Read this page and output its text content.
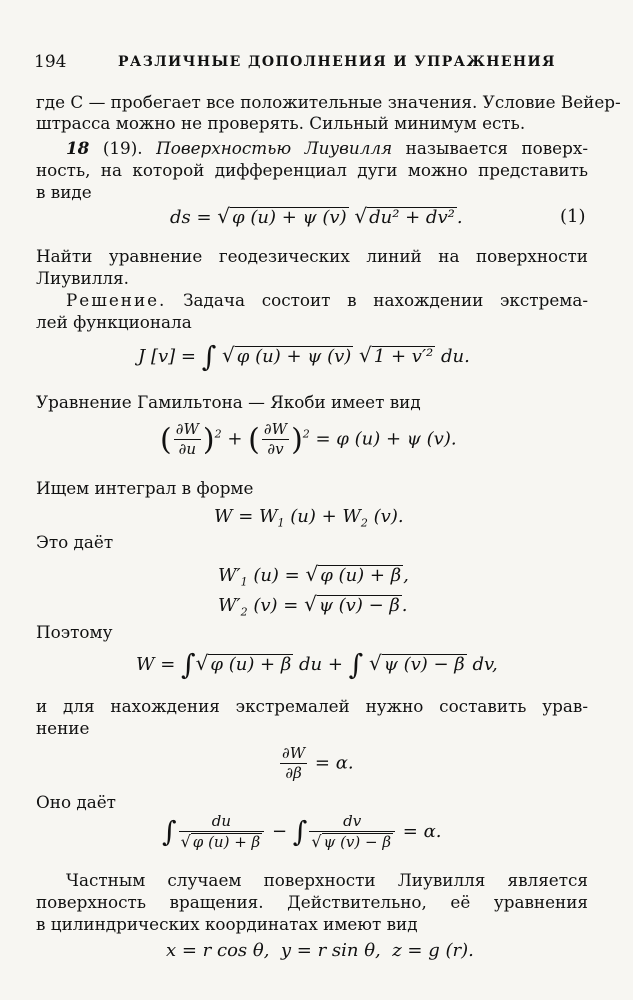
194	РАЗЛИЧНЫЕ ДОПОЛНЕНИЯ И УПРАЖНЕНИЯ
где C — пробегает все положительные значения. Условие Вейер-
штрасса можно не проверять. Сильный минимум есть.
18 (19). Поверхностью Лиувилля называется поверх-
ность, на которой дифференциал дуги можно представить
в виде
ds = √ φ (u) + ψ (v) √ du² + dv² .	(1)
Найти уравнение геодезических линий на поверхности
Лиувилля.
Решение. Задача состоит в нахождении экстрема-
лей функционала
J [v] = ∫ √ φ (u) + ψ (v) √ 1 + v′² du.
Уравнение Гамильтона — Якоби имеет вид
( $\frac{\partial W}{\partial u} )^2$ + ( $\frac{\partial W}{\partial v} )^2 = \varphi$ (u) + ψ (v).
Ищем интеграл в форме
$W = W_1$ $(u) + W_2$ (v).
Это даёт
$W'_1$ (u) = √ φ (u) + β ,
$W'_2$ (v) = √ ψ (v) − β .
Поэтому
W = ∫√ φ (u) + β du + ∫ √ ψ (v) − β dv,
и для нахождения экстремалей нужно составить урав-
нение
$\frac{\partial W}{\partial\beta} = \alpha$.
Оно даёт
∫ $\frac{du}{√ \varphi (u) + \beta}$ − ∫ $\frac{dv}{√ \psi (v) - \beta} = \alpha$.
Частным случаем поверхности Лиувилля является
поверхность вращения. Действительно, её уравнения
в цилиндрических координатах имеют вид
x = r cos θ,  y = r sin θ,  z = g (r).
